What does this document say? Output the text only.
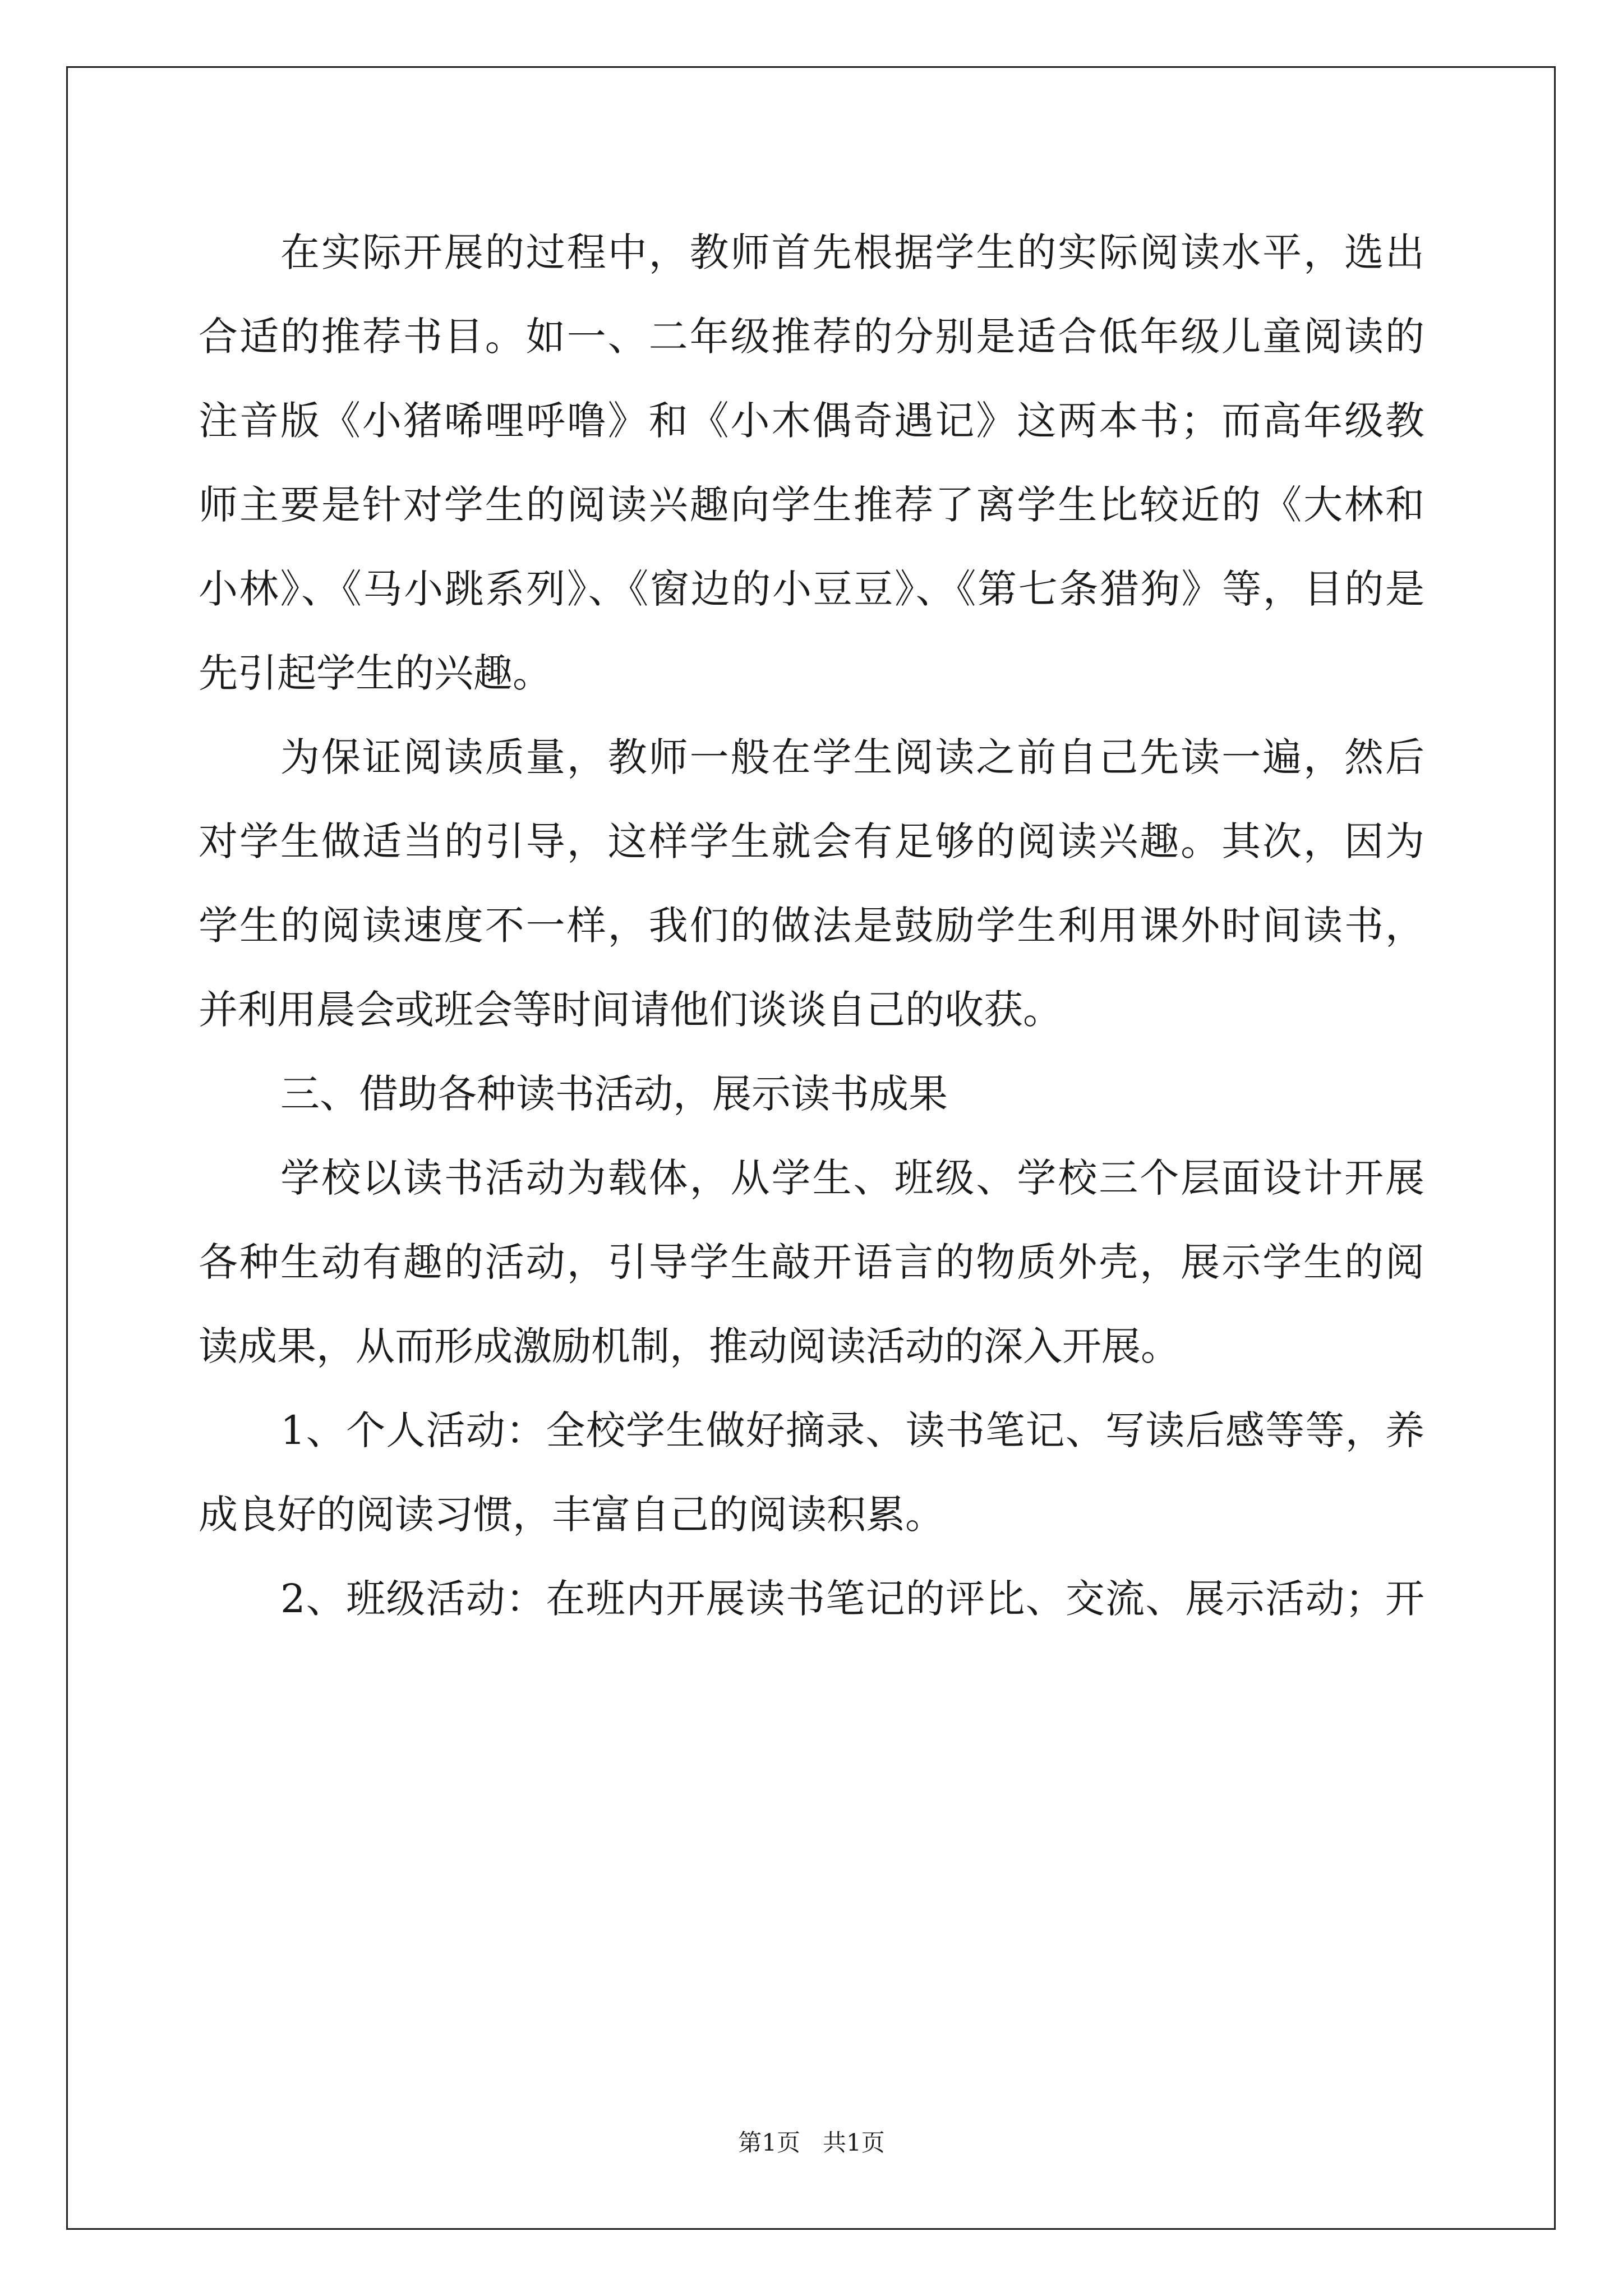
在实际开展的过程中，教师首先根据学生的实际阅读水平，选出
合适的推荐书目。如一、二年级推荐的分别是适合低年级儿童阅读的
注音版《小猪唏哩呼噜》和《小木偶奇遇记》这两本书；而高年级教
师主要是针对学生的阅读兴趣向学生推荐了离学生比较近的《大林和
小林》、《马小跳系列》、《窗边的小豆豆》、《第七条猎狗》等，目的是
先引起学生的兴趣。
为保证阅读质量，教师一般在学生阅读之前自己先读一遍，然后
对学生做适当的引导，这样学生就会有足够的阅读兴趣。其次，因为
学生的阅读速度不一样，我们的做法是鼓励学生利用课外时间读书，
并利用晨会或班会等时间请他们谈谈自己的收获。
三、借助各种读书活动，展示读书成果
学校以读书活动为载体，从学生、班级、学校三个层面设计开展
各种生动有趣的活动，引导学生敲开语言的物质外壳，展示学生的阅
读成果，从而形成激励机制，推动阅读活动的深入开展。
1、个人活动：全校学生做好摘录、读书笔记、写读后感等等，养
成良好的阅读习惯，丰富自己的阅读积累。
2、班级活动：在班内开展读书笔记的评比、交流、展示活动；开
第1页   共1页
